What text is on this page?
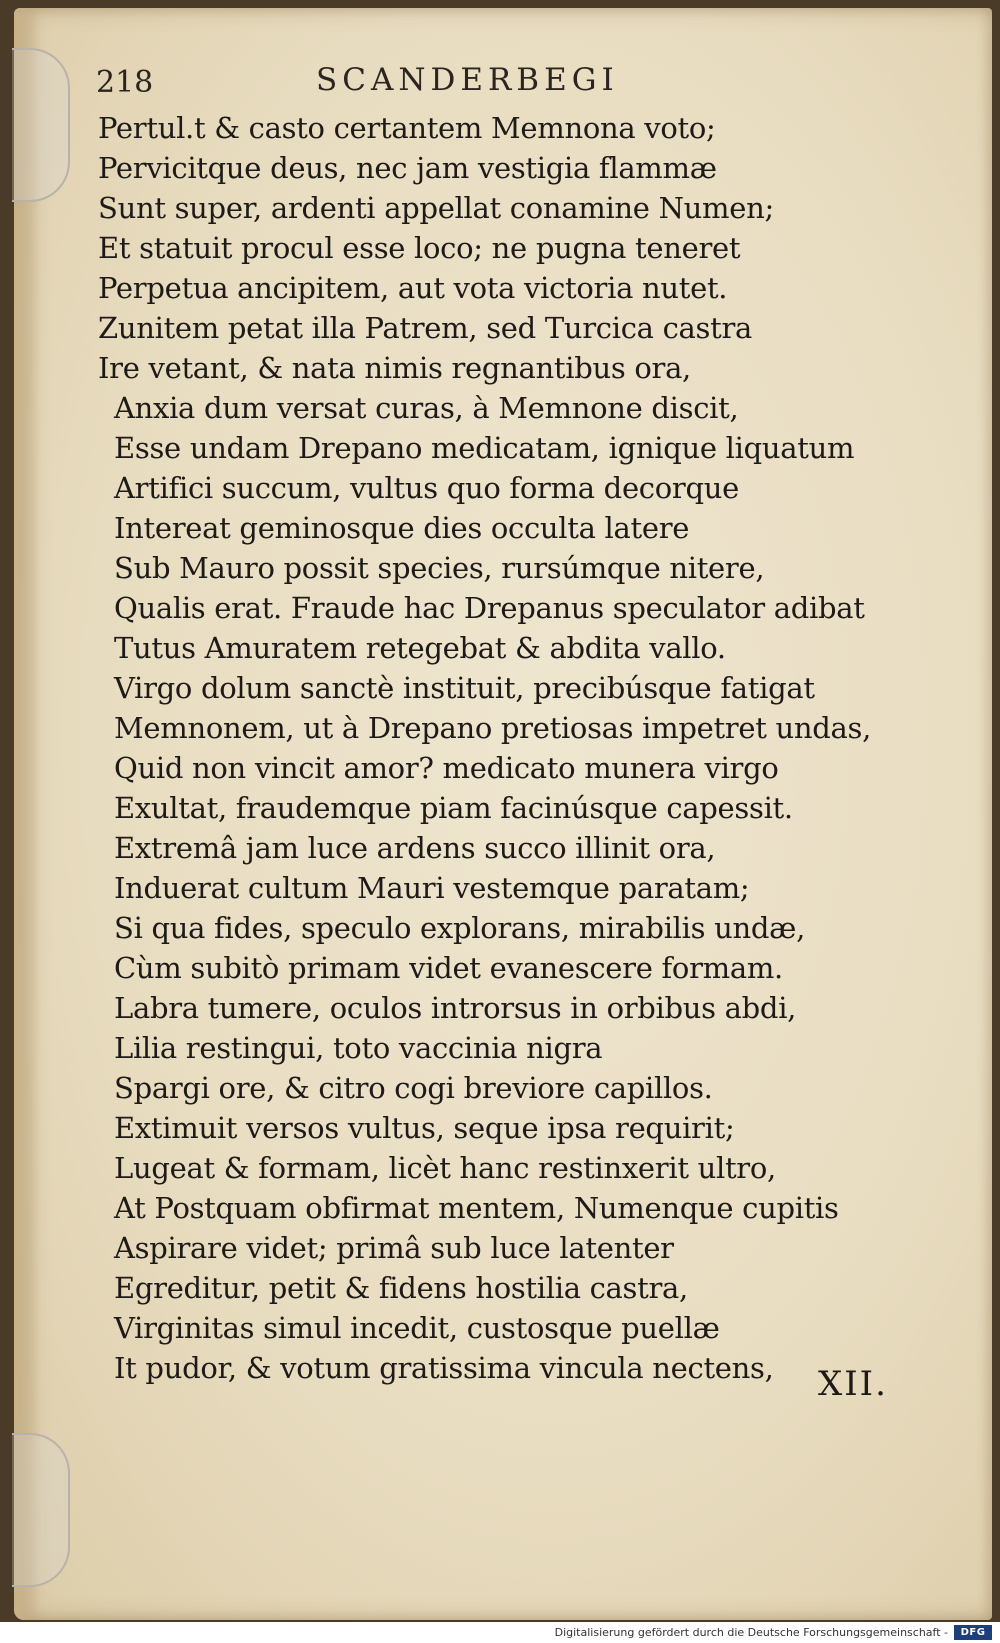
218	SCANDERBEGI
Pertul.t & casto certantem Memnona voto;
Pervicitque deus, nec jam vestigia flammæ
Sunt super, ardenti appellat conamine Numen;
Et statuit procul esse loco; ne pugna teneret
Perpetua ancipitem, aut vota victoria nutet.
Zunitem petat illa Patrem, sed Turcica castra
Ire vetant, & nata nimis regnantibus ora,
Anxia dum versat curas, à Memnone discit,
Esse undam Drepano medicatam, ignique liquatum
Artifici succum, vultus quo forma decorque
Intereat geminosque dies occulta latere
Sub Mauro possit species, rursúmque nitere,
Qualis erat. Fraude hac Drepanus speculator adibat
Tutus Amuratem retegebat & abdita vallo.
Virgo dolum sanctè instituit, precibúsque fatigat
Memnonem, ut à Drepano pretiosas impetret undas,
Quid non vincit amor? medicato munera virgo
Exultat, fraudemque piam facinúsque capessit.
Extremâ jam luce ardens succo illinit ora,
Induerat cultum Mauri vestemque paratam;
Si qua fides, speculo explorans, mirabilis undæ,
Cùm subitò primam videt evanescere formam.
Labra tumere, oculos introrsus in orbibus abdi,
Lilia restingui, toto vaccinia nigra
Spargi ore, & citro cogi breviore capillos.
Extimuit versos vultus, seque ipsa requirit;
Lugeat & formam, licèt hanc restinxerit ultro,
At Postquam obfirmat mentem, Numenque cupitis
Aspirare videt; primâ sub luce latenter
Egreditur, petit & fidens hostilia castra,
Virginitas simul incedit, custosque puellæ
It pudor, & votum gratissima vincula nectens,	XII.
Digitalisierung gefördert durch die Deutsche Forschungsgemeinschaft -	DFG
